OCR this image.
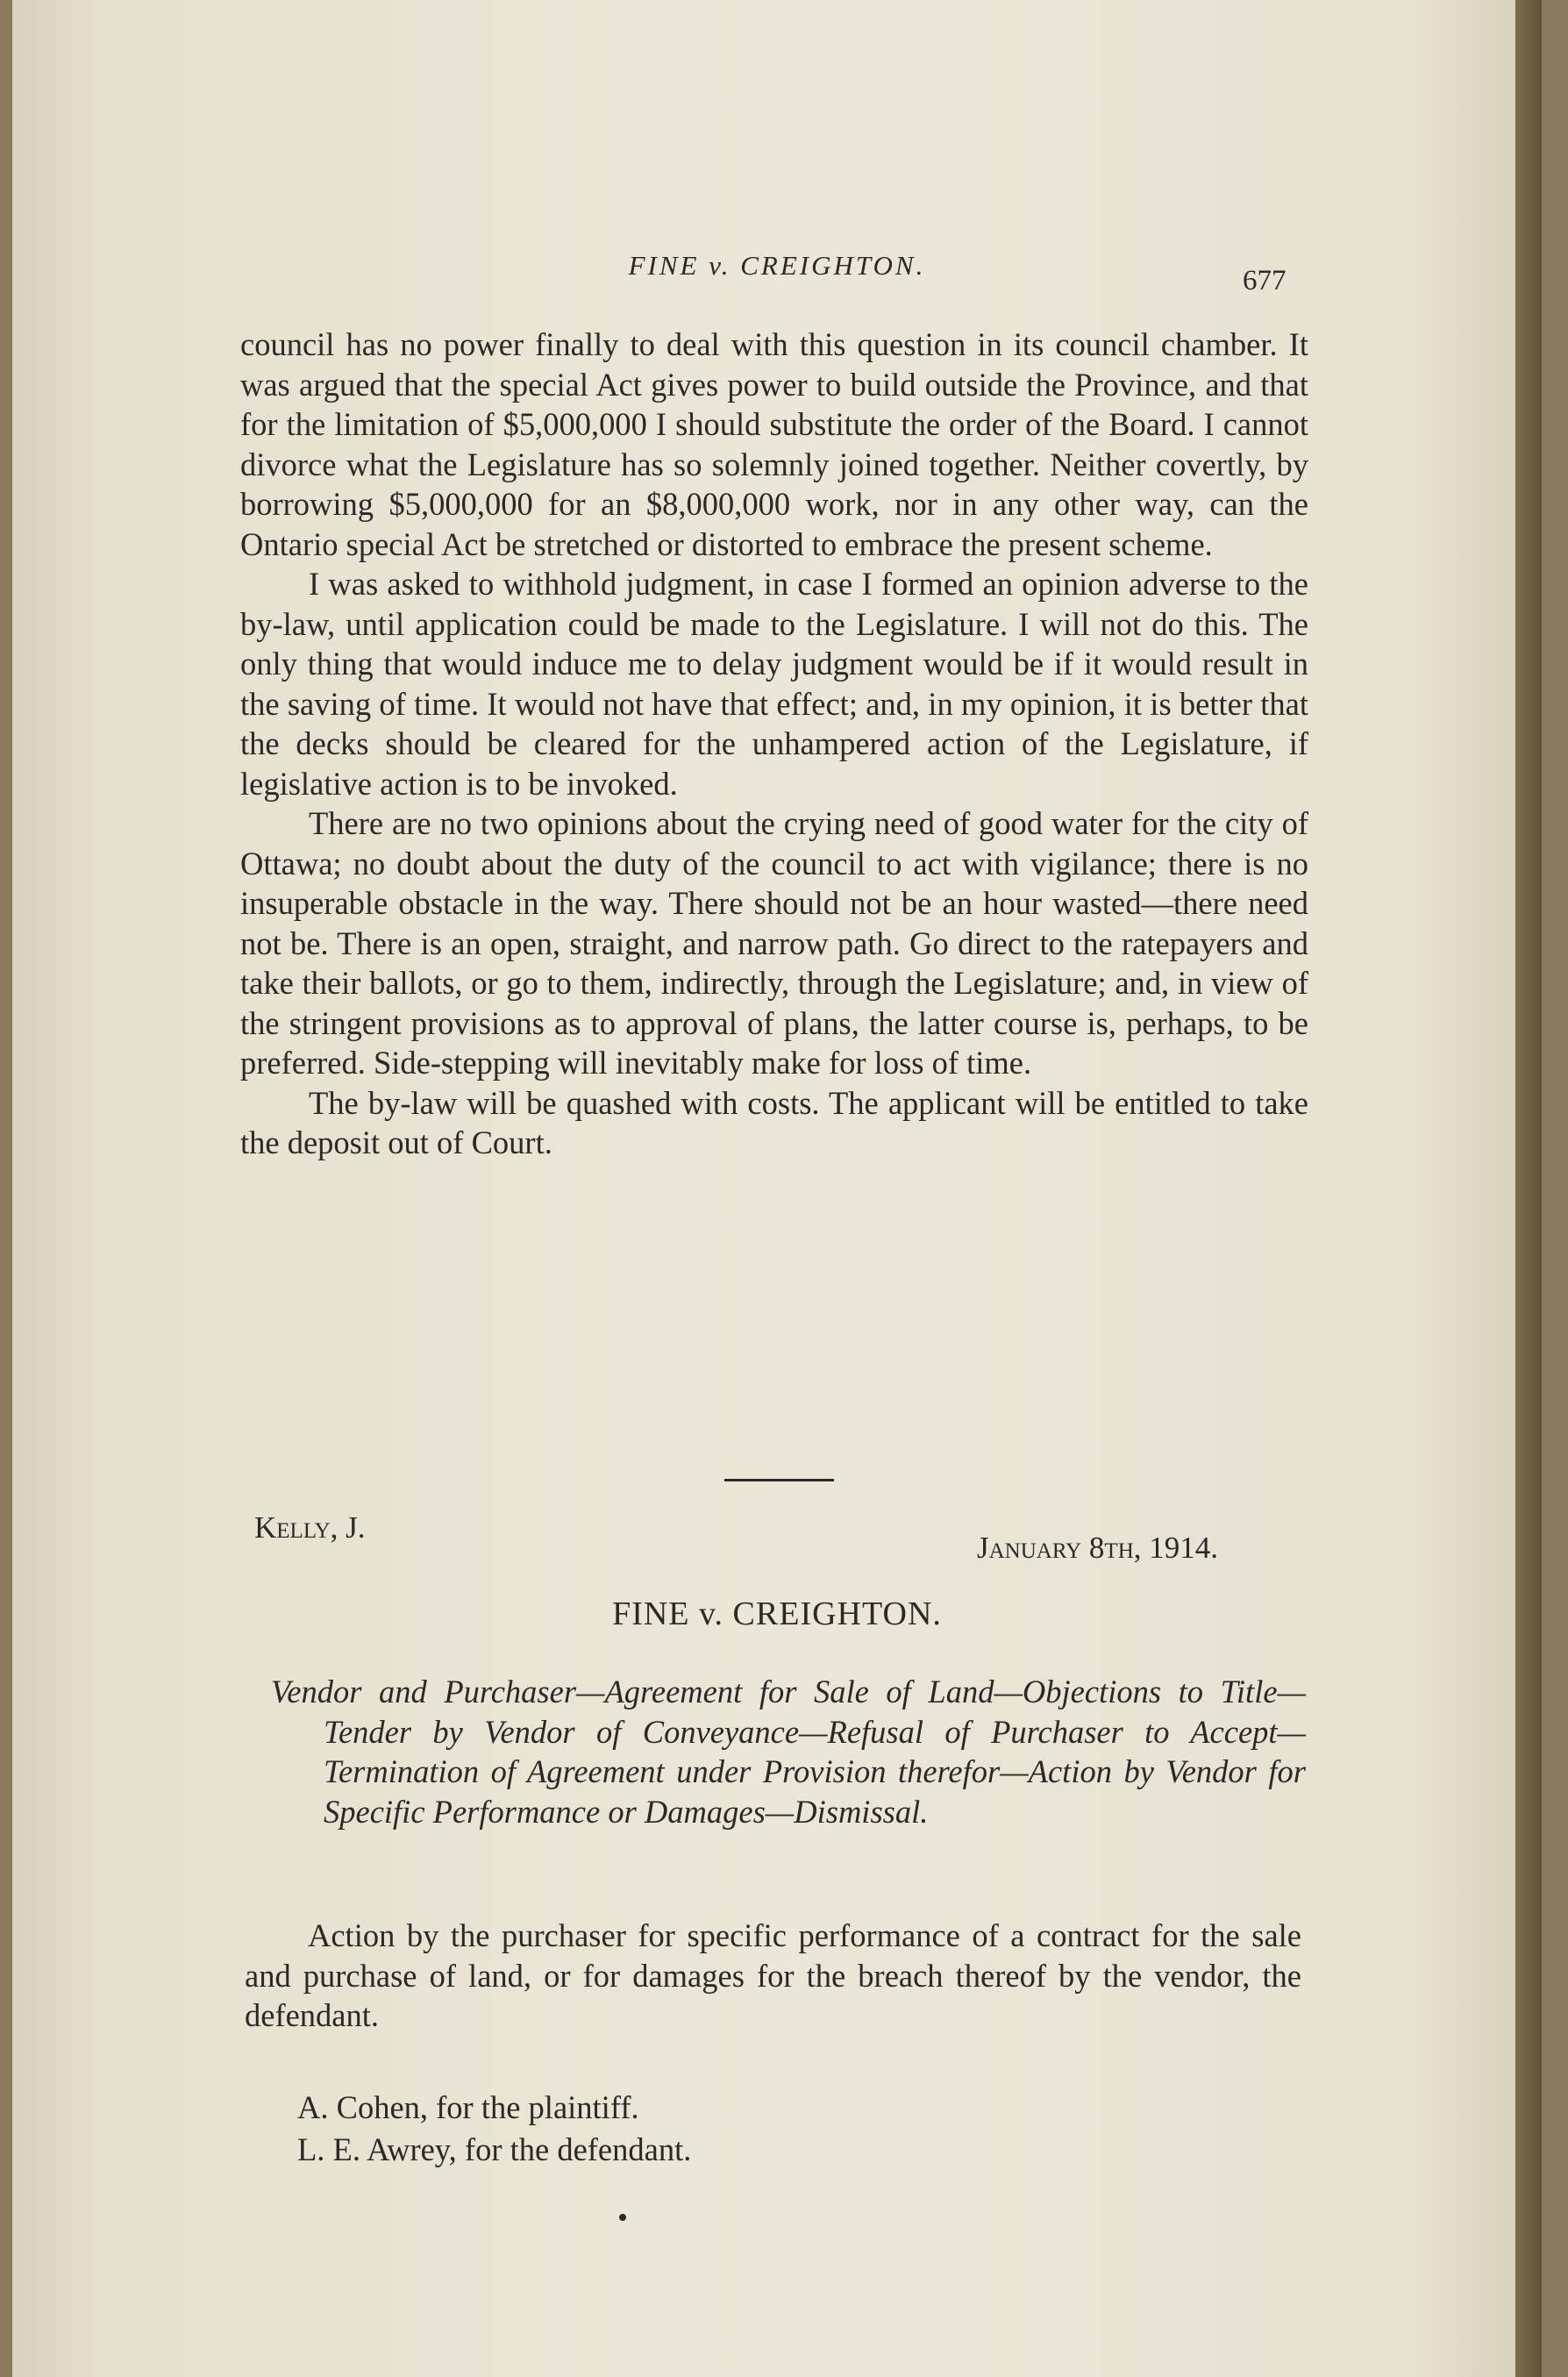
FINE v. CREIGHTON.	677

council has no power finally to deal with this question in its council chamber. It was argued that the special Act gives power to build outside the Province, and that for the limitation of $5,000,000 I should substitute the order of the Board. I cannot divorce what the Legislature has so solemnly joined together. Neither covertly, by borrowing $5,000,000 for an $8,000,000 work, nor in any other way, can the Ontario special Act be stretched or distorted to embrace the present scheme.

I was asked to withhold judgment, in case I formed an opinion adverse to the by-law, until application could be made to the Legislature. I will not do this. The only thing that would induce me to delay judgment would be if it would result in the saving of time. It would not have that effect; and, in my opinion, it is better that the decks should be cleared for the unhampered action of the Legislature, if legislative action is to be invoked.

There are no two opinions about the crying need of good water for the city of Ottawa; no doubt about the duty of the council to act with vigilance; there is no insuperable obstacle in the way. There should not be an hour wasted—there need not be. There is an open, straight, and narrow path. Go direct to the ratepayers and take their ballots, or go to them, indirectly, through the Legislature; and, in view of the stringent provisions as to approval of plans, the latter course is, perhaps, to be preferred. Side-stepping will inevitably make for loss of time.

The by-law will be quashed with costs. The applicant will be entitled to take the deposit out of Court.

Kelly, J.
January 8th, 1914.
FINE v. CREIGHTON.
Vendor and Purchaser—Agreement for Sale of Land—Objections to Title—Tender by Vendor of Conveyance—Refusal of Purchaser to Accept—Termination of Agreement under Provision therefor—Action by Vendor for Specific Performance or Damages—Dismissal.
Action by the purchaser for specific performance of a contract for the sale and purchase of land, or for damages for the breach thereof by the vendor, the defendant.
A. Cohen, for the plaintiff.
L. E. Awrey, for the defendant.
